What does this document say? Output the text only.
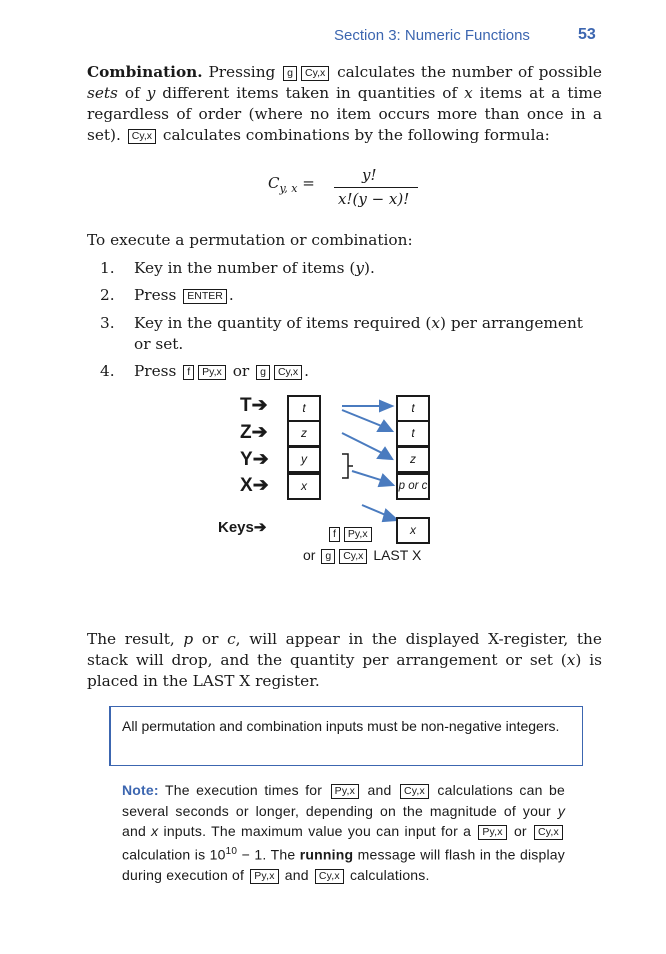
Section 3: Numeric Functions	53
Combination. Pressing g Cy,x calculates the number of possible sets of y different items taken in quantities of x items at a time regardless of order (where no item occurs more than once in a set). Cy,x calculates combinations by the following formula:
$C_{y, x}$ =	y!
x!(y − x)!
To execute a permutation or combination:
1. Key in the number of items (y).
2. Press ENTER .
3. Key in the quantity of items required (x) per arrangement or set.
4. Press f Py,x or g Cy,x .
T➔
Z➔
Y➔
X➔
t
z
y
x
t
t
z
p or c
Keys➔	f Py,x	x
or g Cy,x LAST X
The result, p or c, will appear in the displayed X-register, the stack will drop, and the quantity per arrangement or set (x) is placed in the LAST X register.
All permutation and combination inputs must be non-negative integers.
Note: The execution times for Py,x and Cy,x calculations can be several seconds or longer, depending on the magnitude of your y and x inputs. The maximum value you can input for a Py,x or Cy,x calculation is $10^{10} - 1$. The running message will flash in the display during execution of Py,x and Cy,x calculations.
